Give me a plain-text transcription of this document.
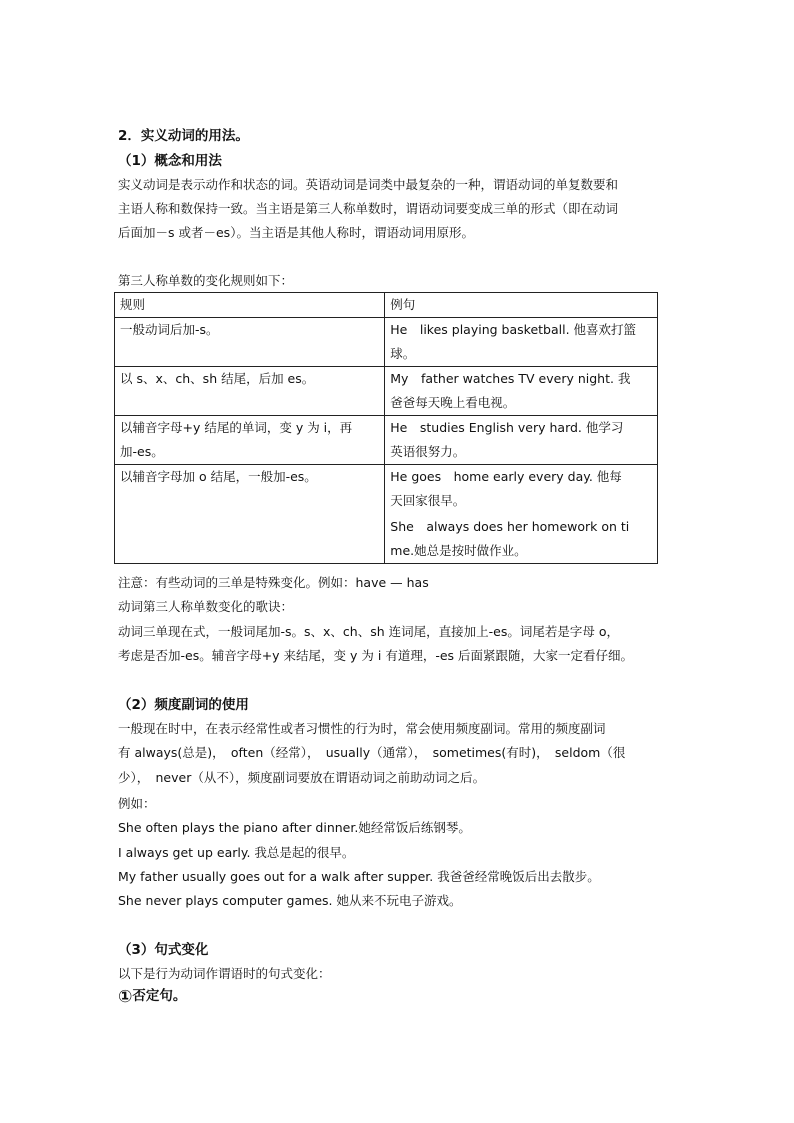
2．实义动词的用法。
（1）概念和用法
实义动词是表示动作和状态的词。英语动词是词类中最复杂的一种，谓语动词的单复数要和
主语人称和数保持一致。当主语是第三人称单数时，谓语动词要变成三单的形式（即在动词
后面加－s 或者－es）。当主语是其他人称时，谓语动词用原形。
第三人称单数的变化规则如下：
规则	例句

一般动词后加-s。	He　likes playing basketball. 他喜欢打篮
球。

以 s、x、ch、sh 结尾，后加 es。	My　father watches TV every night. 我
爸爸每天晚上看电视。

以辅音字母+y 结尾的单词，变 y 为 i，再
加-es。	He　studies English very hard. 他学习
英语很努力。

以辅音字母加 o 结尾，一般加-es。	He goes　home early every day. 他每
天回家很早。
She　always does her homework on ti
me.她总是按时做作业。
注意：有些动词的三单是特殊变化。例如：have — has
动词第三人称单数变化的歌诀：
动词三单现在式，一般词尾加-s。s、x、ch、sh 连词尾，直接加上-es。词尾若是字母 o，
考虑是否加-es。辅音字母+y 来结尾，变 y 为 i 有道理，-es 后面紧跟随，大家一定看仔细。
（2）频度副词的使用
一般现在时中，在表示经常性或者习惯性的行为时，常会使用频度副词。常用的频度副词
有 always(总是)，　often（经常），　usually（通常），　sometimes(有时)，　seldom（很
少），　never（从不），频度副词要放在谓语动词之前助动词之后。
例如：
She often plays the piano after dinner.她经常饭后练钢琴。
I always get up early. 我总是起的很早。
My father usually goes out for a walk after supper. 我爸爸经常晚饭后出去散步。
She never plays computer games. 她从来不玩电子游戏。
（3）句式变化
以下是行为动词作谓语时的句式变化：
①否定句。
